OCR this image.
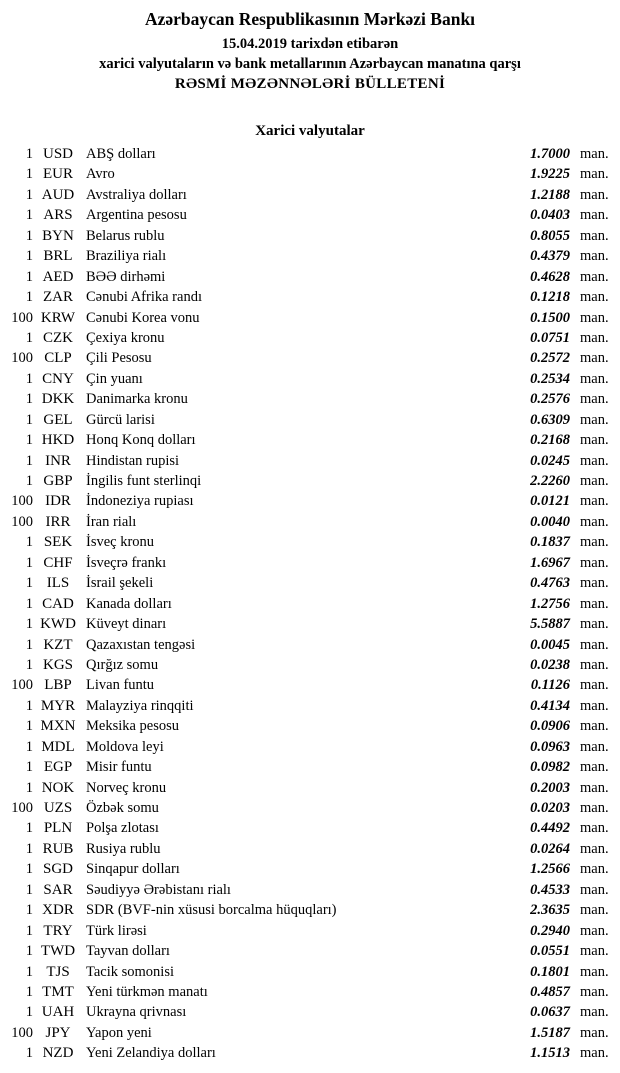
Azərbaycan Respublikasının Mərkəzi Bankı
15.04.2019 tarixdən etibarən
xarici valyutaların və bank metallarının Azərbaycan manatına qarşı
RƏSMİ MƏZƏNNƏLƏRİ BÜLLETENİ
Xarici valyutalar
1 USD ABŞ dolları	1.7000 man.
1 EUR Avro	1.9225 man.
1 AUD Avstraliya dolları	1.2188 man.
1 ARS Argentina pesosu	0.0403 man.
1 BYN Belarus rublu	0.8055 man.
1 BRL Braziliya rialı	0.4379 man.
1 AED BƏƏ dirhəmi	0.4628 man.
1 ZAR Cənubi Afrika randı	0.1218 man.
100 KRW Cənubi Korea vonu	0.1500 man.
1 CZK Çexiya kronu	0.0751 man.
100 CLP Çili Pesosu	0.2572 man.
1 CNY Çin yuanı	0.2534 man.
1 DKK Danimarka kronu	0.2576 man.
1 GEL Gürcü larisi	0.6309 man.
1 HKD Honq Konq dolları	0.2168 man.
1 INR	Hindistan rupisi	0.0245 man.
1 GBP İngilis funt sterlinqi	2.2260 man.
100 IDR	İndoneziya rupiası	0.0121 man.
100 IRR	İran rialı	0.0040 man.
1 SEK İsveç kronu	0.1837 man.
1 CHF İsveçrə frankı	1.6967 man.
1 ILS	İsrail şekeli	0.4763 man.
1 CAD Kanada dolları	1.2756 man.
1 KWD Küveyt dinarı	5.5887 man.
1 KZT Qazaxıstan tengəsi	0.0045 man.
1 KGS Qırğız somu	0.0238 man.
100 LBP Livan funtu	0.1126 man.
1 MYR Malayziya rinqqiti	0.4134 man.
1 MXN Meksika pesosu	0.0906 man.
1 MDL Moldova leyi	0.0963 man.
1 EGP Misir funtu	0.0982 man.
1 NOK Norveç kronu	0.2003 man.
100 UZS Özbək somu	0.0203 man.
1 PLN Polşa zlotası	0.4492 man.
1 RUB Rusiya rublu	0.0264 man.
1 SGD Sinqapur dolları	1.2566 man.
1 SAR Səudiyyə Ərəbistanı rialı	0.4533 man.
1 XDR SDR (BVF-nin xüsusi borcalma hüquqları)	2.3635 man.
1 TRY Türk lirəsi	0.2940 man.
1 TWD Tayvan dolları	0.0551 man.
1 TJS	Tacik somonisi	0.1801 man.
1 TMT Yeni türkmən manatı	0.4857 man.
1 UAH Ukrayna qrivnası	0.0637 man.
100 JPY	Yapon yeni	1.5187 man.
1 NZD Yeni Zelandiya dolları	1.1513 man.
